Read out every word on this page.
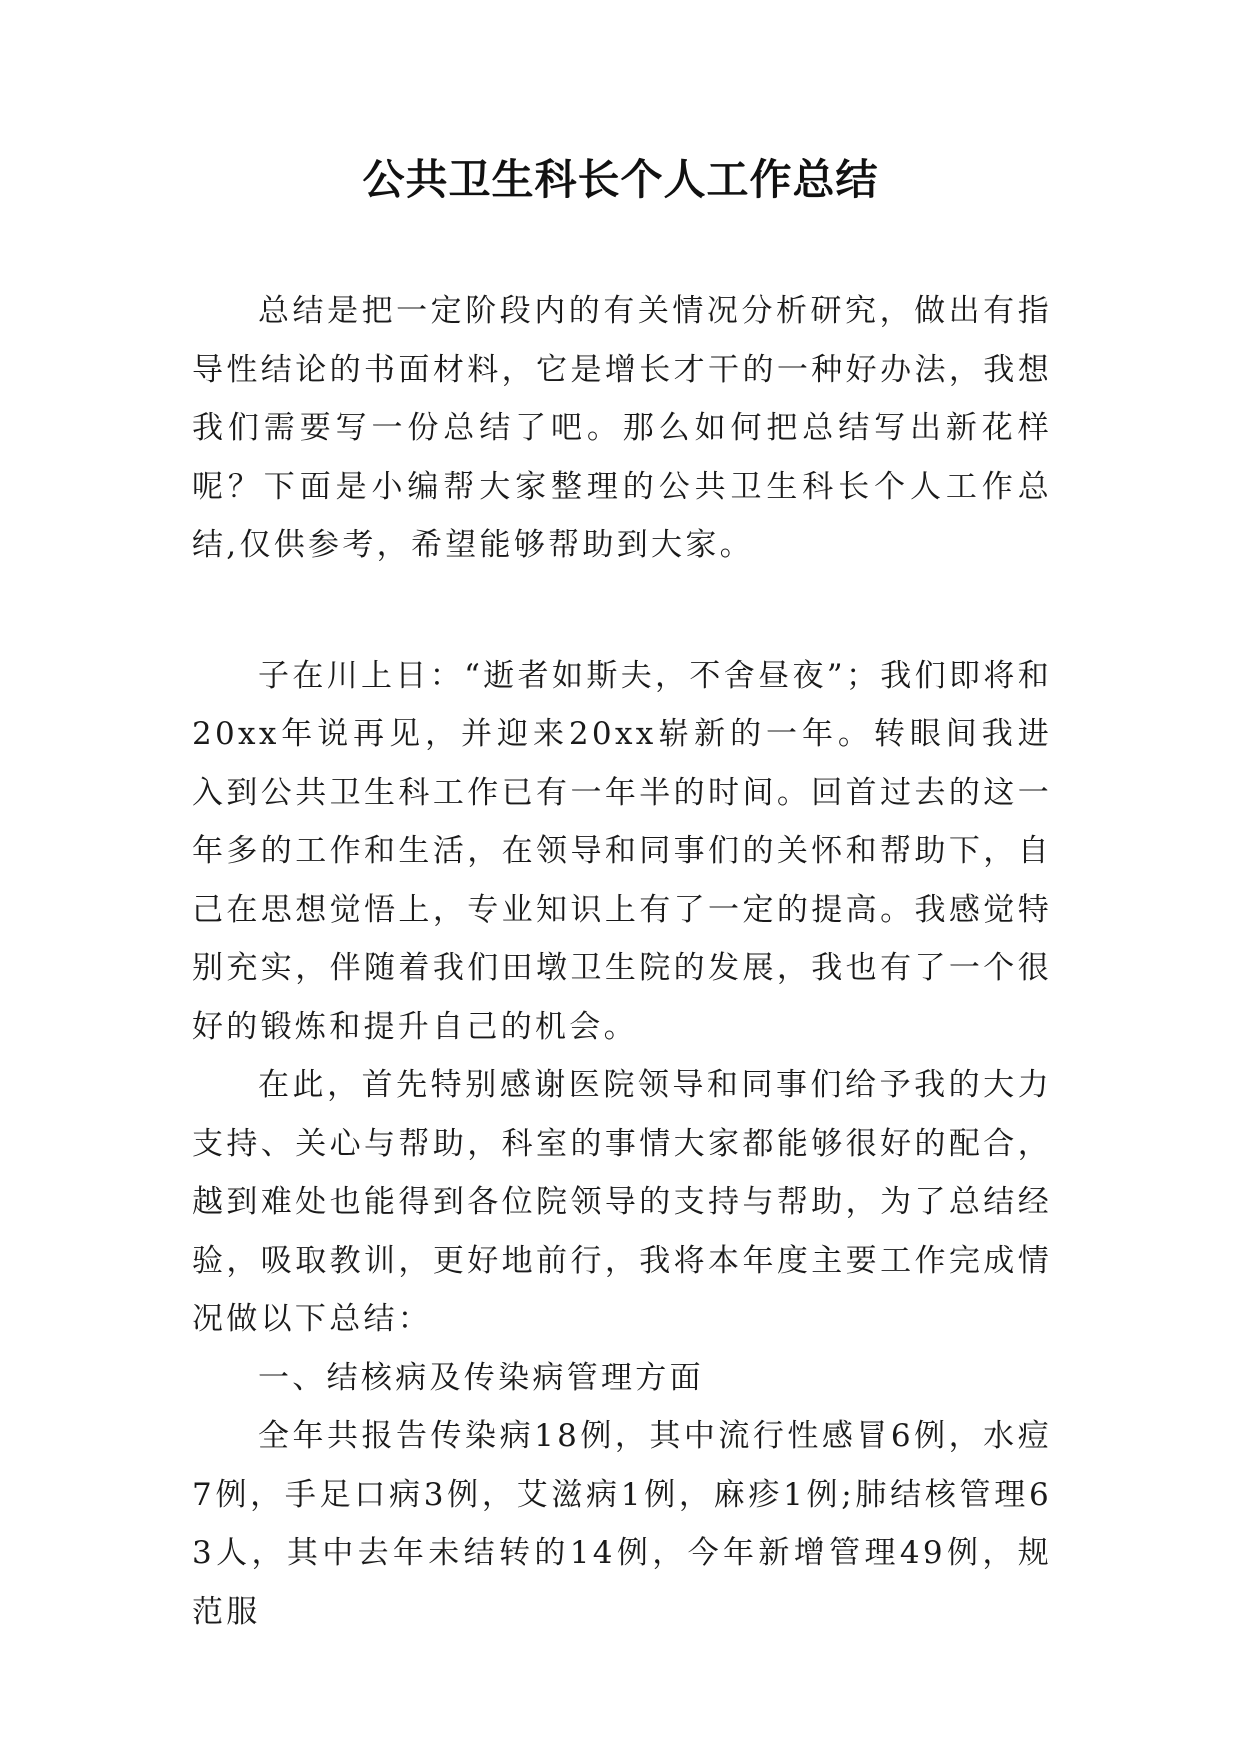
公共卫生科长个人工作总结

总结是把一定阶段内的有关情况分析研究，做出有指导性结论的书面材料，它是增长才干的一种好办法，我想我们需要写一份总结了吧。那么如何把总结写出新花样呢？下面是小编帮大家整理的公共卫生科长个人工作总结,仅供参考，希望能够帮助到大家。

子在川上日：“逝者如斯夫，不舍昼夜”；我们即将和20xx年说再见，并迎来20xx崭新的一年。转眼间我进入到公共卫生科工作已有一年半的时间。回首过去的这一年多的工作和生活，在领导和同事们的关怀和帮助下，自己在思想觉悟上，专业知识上有了一定的提高。我感觉特别充实，伴随着我们田墩卫生院的发展，我也有了一个很好的锻炼和提升自己的机会。

在此，首先特别感谢医院领导和同事们给予我的大力支持、关心与帮助，科室的事情大家都能够很好的配合，越到难处也能得到各位院领导的支持与帮助，为了总结经验，吸取教训，更好地前行，我将本年度主要工作完成情况做以下总结：

一、结核病及传染病管理方面

全年共报告传染病18例，其中流行性感冒6例，水痘7例，手足口病3例，艾滋病1例，麻疹1例;肺结核管理63人，其中去年未结转的14例，今年新增管理49例，规范服
